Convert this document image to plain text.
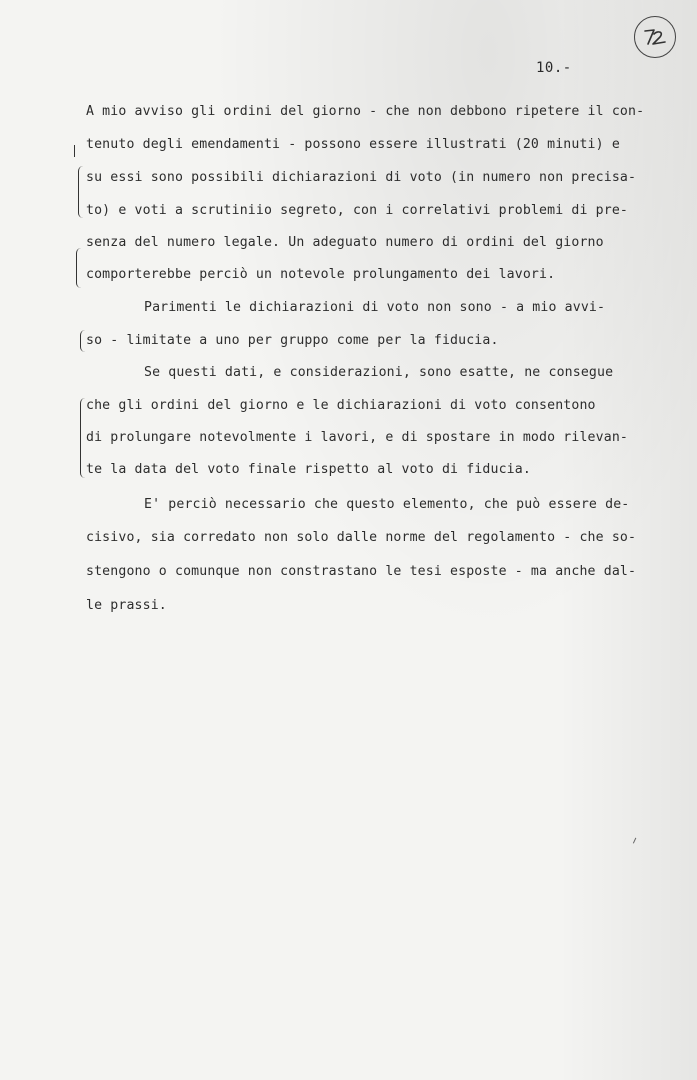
10.-
A mio avviso gli ordini del giorno - che non debbono ripetere il con-
tenuto degli emendamenti - possono essere illustrati (20 minuti) e
su essi sono possibili dichiarazioni di voto (in numero non precisa-
to) e voti a scrutiniio segreto, con i correlativi problemi di pre-
senza del numero legale. Un adeguato numero di ordini del giorno
comporterebbe perciò un notevole prolungamento dei lavori.
Parimenti le dichiarazioni di voto non sono - a mio avvi-
so - limitate a uno per gruppo come per la fiducia.
Se questi dati, e considerazioni, sono esatte, ne consegue
che gli ordini del giorno e le dichiarazioni di voto consentono
di prolungare notevolmente i lavori, e di spostare in modo rilevan-
te la data del voto finale rispetto al voto di fiducia.
E' perciò necessario che questo elemento, che può essere de-
cisivo, sia corredato non solo dalle norme del regolamento - che so-
stengono o comunque non constrastano le tesi esposte - ma anche dal-
le prassi.
